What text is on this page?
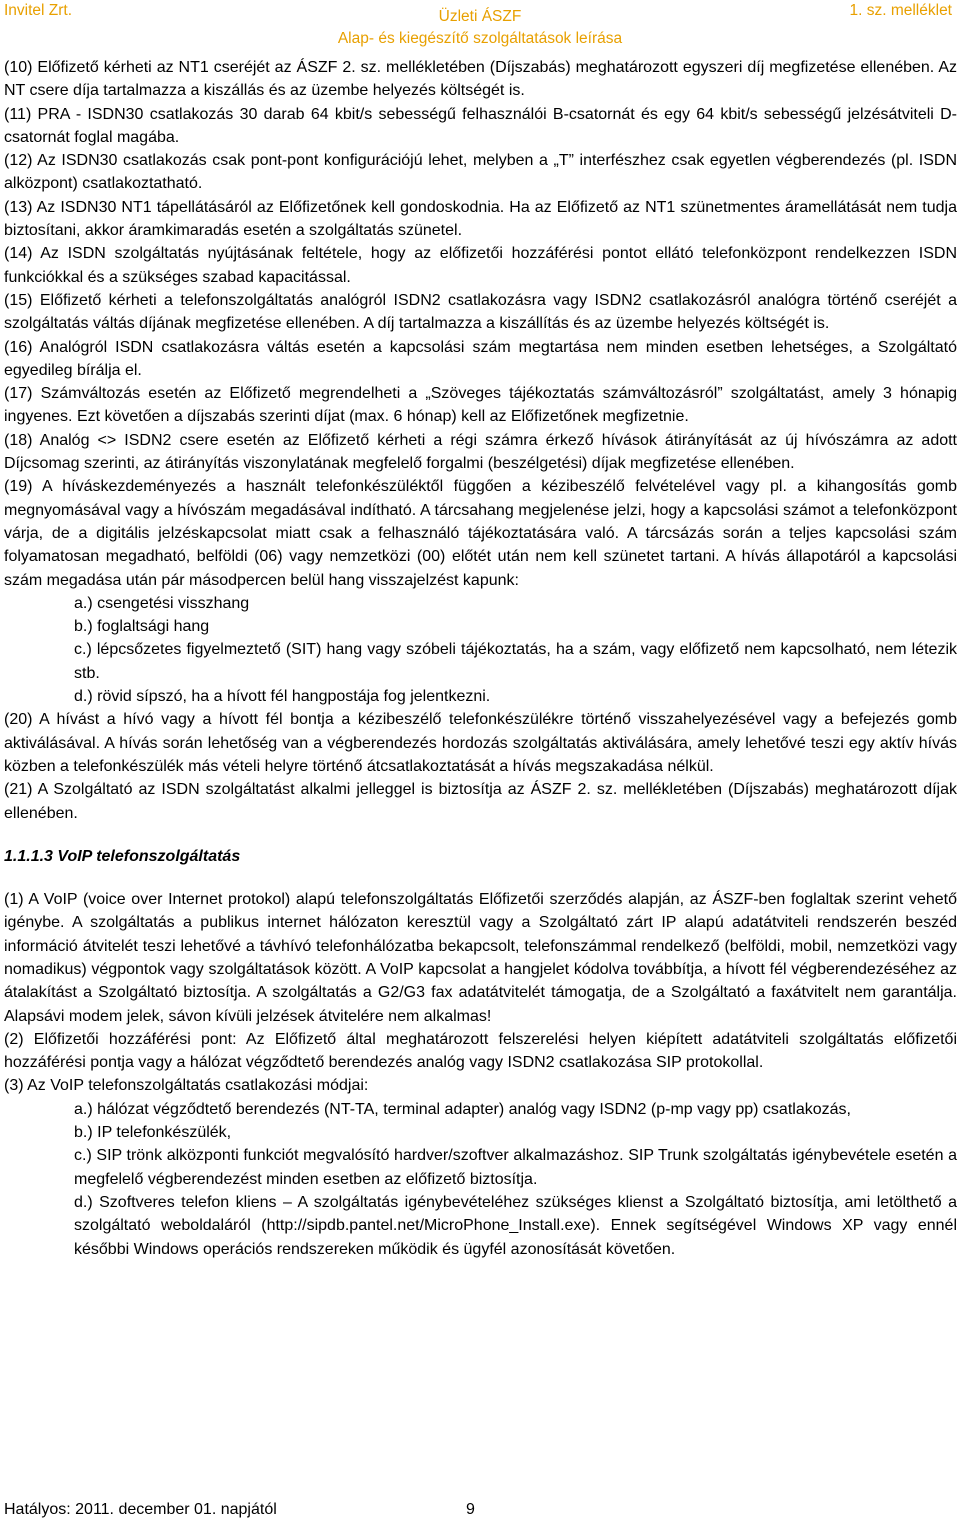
Invitel Zrt.	Üzleti ÁSZF
Alap- és kiegészítő szolgáltatások leírása
1. sz. melléklet

(10) Előfizető kérheti az NT1 cseréjét az ÁSZF 2. sz. mellékletében (Díjszabás) meghatározott egyszeri díj megfizetése ellenében. Az NT csere díja tartalmazza a kiszállás és az üzembe helyezés költségét is.

(11) PRA - ISDN30 csatlakozás 30 darab 64 kbit/s sebességű felhasználói B-csatornát és egy 64 kbit/s sebességű jelzésátviteli D-csatornát foglal magába.

(12) Az ISDN30 csatlakozás csak pont-pont konfigurációjú lehet, melyben a „T” interfészhez csak egyetlen végberendezés (pl. ISDN alközpont) csatlakoztatható.

(13) Az ISDN30 NT1 tápellátásáról az Előfizetőnek kell gondoskodnia. Ha az Előfizető az NT1 szünetmentes áramellátását nem tudja biztosítani, akkor áramkimaradás esetén a szolgáltatás szünetel.

(14) Az ISDN szolgáltatás nyújtásának feltétele, hogy az előfizetői hozzáférési pontot ellátó telefonközpont rendelkezzen ISDN funkciókkal és a szükséges szabad kapacitással.

(15) Előfizető kérheti a telefonszolgáltatás analógról ISDN2 csatlakozásra vagy ISDN2 csatlakozásról analógra történő cseréjét a szolgáltatás váltás díjának megfizetése ellenében. A díj tartalmazza a kiszállítás és az üzembe helyezés költségét is.

(16) Analógról ISDN csatlakozásra váltás esetén a kapcsolási szám megtartása nem minden esetben lehetséges, a Szolgáltató egyedileg bírálja el.

(17) Számváltozás esetén az Előfizető megrendelheti a „Szöveges tájékoztatás számváltozásról” szolgáltatást, amely 3 hónapig ingyenes. Ezt követően a díjszabás szerinti díjat (max. 6 hónap) kell az Előfizetőnek megfizetnie.

(18) Analóg <> ISDN2 csere esetén az Előfizető kérheti a régi számra érkező hívások átirányítását az új hívószámra az adott Díjcsomag szerinti, az átirányítás viszonylatának megfelelő forgalmi (beszélgetési) díjak megfizetése ellenében.

(19) A híváskezdeményezés a használt telefonkészüléktől függően a kézibeszélő felvételével vagy pl. a kihangosítás gomb megnyomásával vagy a hívószám megadásával indítható. A tárcsahang megjelenése jelzi, hogy a kapcsolási számot a telefonközpont várja, de a digitális jelzéskapcsolat miatt csak a felhasználó tájékoztatására való. A tárcsázás során a teljes kapcsolási szám folyamatosan megadható, belföldi (06) vagy nemzetközi (00) előtét után nem kell szünetet tartani. A hívás állapotáról a kapcsolási szám megadása után pár másodpercen belül hang visszajelzést kapunk:

a.) csengetési visszhang

b.) foglaltsági hang

c.) lépcsőzetes figyelmeztető (SIT) hang vagy szóbeli tájékoztatás, ha a szám, vagy előfizető nem kapcsolható, nem létezik stb.

d.) rövid sípszó, ha a hívott fél hangpostája fog jelentkezni.

(20) A hívást a hívó vagy a hívott fél bontja a kézibeszélő telefonkészülékre történő visszahelyezésével vagy a befejezés gomb aktiválásával. A hívás során lehetőség van a végberendezés hordozás szolgáltatás aktiválására, amely lehetővé teszi egy aktív hívás közben a telefonkészülék más vételi helyre történő átcsatlakoztatását a hívás megszakadása nélkül.

(21) A Szolgáltató az ISDN szolgáltatást alkalmi jelleggel is biztosítja az ÁSZF 2. sz. mellékletében (Díjszabás) meghatározott díjak ellenében.

1.1.1.3 VoIP telefonszolgáltatás

(1) A VoIP (voice over Internet protokol) alapú telefonszolgáltatás Előfizetői szerződés alapján, az ÁSZF-ben foglaltak szerint vehető igénybe. A szolgáltatás a publikus internet hálózaton keresztül vagy a Szolgáltató zárt IP alapú adatátviteli rendszerén beszéd információ átvitelét teszi lehetővé a távhívó telefonhálózatba bekapcsolt, telefonszámmal rendelkező (belföldi, mobil, nemzetközi vagy nomadikus) végpontok vagy szolgáltatások között. A VoIP kapcsolat a hangjelet kódolva továbbítja, a hívott fél végberendezéséhez az átalakítást a Szolgáltató biztosítja. A szolgáltatás a G2/G3 fax adatátvitelét támogatja, de a Szolgáltató a faxátvitelt nem garantálja. Alapsávi modem jelek, sávon kívüli jelzések átvitelére nem alkalmas!

(2) Előfizetői hozzáférési pont: Az Előfizető által meghatározott felszerelési helyen kiépített adatátviteli szolgáltatás előfizetői hozzáférési pontja vagy a hálózat végződtető berendezés analóg vagy ISDN2 csatlakozása SIP protokollal.

(3) Az VoIP telefonszolgáltatás csatlakozási módjai:

a.) hálózat végződtető berendezés (NT-TA, terminal adapter) analóg vagy ISDN2 (p-mp vagy pp) csatlakozás,

b.) IP telefonkészülék,

c.) SIP trönk alközponti funkciót megvalósító hardver/szoftver alkalmazáshoz. SIP Trunk szolgáltatás igénybevétele esetén a megfelelő végberendezést minden esetben az előfizető biztosítja.

d.) Szoftveres telefon kliens – A szolgáltatás igénybevételéhez szükséges klienst a Szolgáltató biztosítja, ami letölthető a szolgáltató weboldaláról (http://sipdb.pantel.net/MicroPhone_Install.exe). Ennek segítségével Windows XP vagy ennél későbbi Windows operációs rendszereken működik és ügyfél azonosítását követően.

Hatályos: 2011. december 01. napjától	9
